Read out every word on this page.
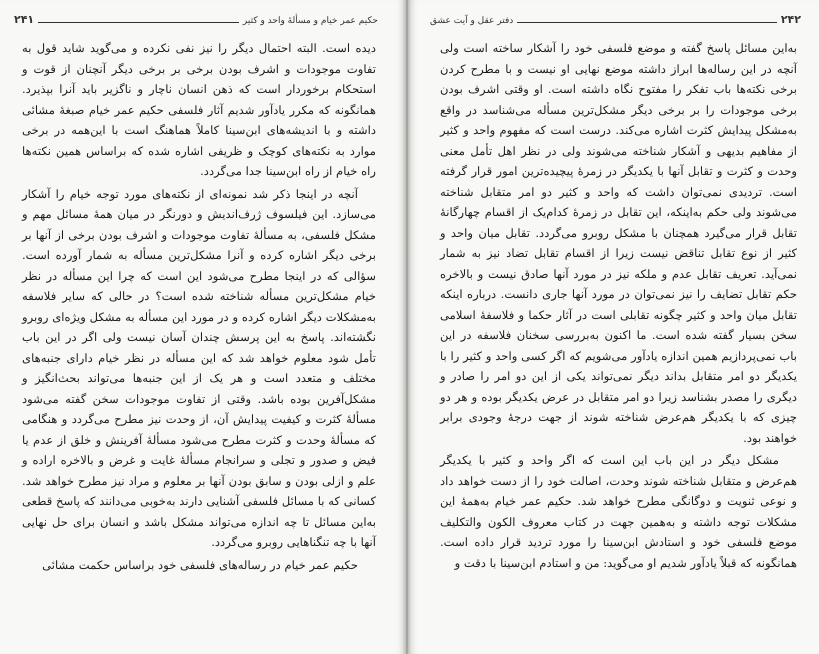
۲۴۱	حکیم عمر خیام و مسألهٔ واحد و کثیر

دیده است. البته احتمال دیگر را نیز نفی نکرده و می‌گوید شاید قول به تفاوت موجودات و اشرف بودن برخی بر برخی دیگر آنچنان از قوت و استحکام برخوردار است که ذهن انسان ناچار و ناگزیر باید آنرا بپذیرد. همانگونه که مکرر یادآور شدیم آثار فلسفی حکیم عمر خیام صبغهٔ مشائی داشته و با اندیشه‌های ابن‌سینا کاملاً هماهنگ است با این‌همه در برخی موارد به نکته‌های کوچک و ظریفی اشاره شده که براساس همین نکته‌ها راه خیام از راه ابن‌سینا جدا می‌گردد.

آنچه در اینجا ذکر شد نمونه‌ای از نکته‌های مورد توجه خیام را آشکار می‌سازد. این فیلسوف ژرف‌اندیش و دورنگر در میان همهٔ مسائل مهم و مشکل فلسفی، به مسألهٔ تفاوت موجودات و اشرف بودن برخی از آنها بر برخی دیگر اشاره کرده و آنرا مشکل‌ترین مسأله به شمار آورده است. سؤالی که در اینجا مطرح می‌شود این است که چرا این مسأله در نظر خیام مشکل‌ترین مسأله شناخته شده است؟ در حالی که سایر فلاسفه به‌مشکلات دیگر اشاره کرده و در مورد این مسأله به مشکل ویژه‌ای روبرو نگشته‌اند. پاسخ به این پرسش چندان آسان نیست ولی اگر در این باب تأمل شود معلوم خواهد شد که این مسأله در نظر خیام دارای جنبه‌های مختلف و متعدد است و هر یک از این جنبه‌ها می‌تواند بحث‌انگیز و مشکل‌آفرین بوده باشد. وقتی از تفاوت موجودات سخن گفته می‌شود مسألهٔ کثرت و کیفیت پیدایش آن، از وحدت نیز مطرح می‌گردد و هنگامی که مسألهٔ وحدت و کثرت مطرح می‌شود مسألهٔ آفرینش و خلق از عدم یا فیض و صدور و تجلی و سرانجام مسألهٔ غایت و غرض و بالاخره اراده و علم و ازلی بودن و سابق بودن آنها بر معلوم و مراد نیز مطرح خواهد شد. کسانی که با مسائل فلسفی آشنایی دارند به‌خوبی می‌دانند که پاسخ قطعی به‌این مسائل تا چه اندازه می‌تواند مشکل باشد و انسان برای حل نهایی آنها با چه تنگناهایی روبرو می‌گردد.

حکیم عمر خیام در رساله‌های فلسفی خود براساس حکمت مشائی

دفتر عقل و آیت عشق	۲۴۲

به‌این مسائل پاسخ گفته و موضع فلسفی خود را آشکار ساخته است ولی آنچه در این رساله‌ها ابراز داشته موضع نهایی او نیست و با مطرح کردن برخی نکته‌ها باب تفکر را مفتوح نگاه داشته است. او وقتی اشرف بودن برخی موجودات را بر برخی دیگر مشکل‌ترین مسأله می‌شناسد در واقع به‌مشکل پیدایش کثرت اشاره می‌کند. درست است که مفهوم واحد و کثیر از مفاهیم بدیهی و آشکار شناخته می‌شوند ولی در نظر اهل تأمل معنی وحدت و کثرت و تقابل آنها با یکدیگر در زمرهٔ پیچیده‌ترین امور قرار گرفته است. تردیدی نمی‌توان داشت که واحد و کثیر دو امر متقابل شناخته می‌شوند ولی حکم به‌اینکه، این تقابل در زمرهٔ کدام‌یک از اقسام چهارگانهٔ تقابل قرار می‌گیرد همچنان با مشکل روبرو می‌گردد. تقابل میان واحد و کثیر از نوع تقابل تناقض نیست زیرا از اقسام تقابل تضاد نیز به شمار نمی‌آید. تعریف تقابل عدم و ملکه نیز در مورد آنها صادق نیست و بالاخره حکم تقابل تضایف را نیز نمی‌توان در مورد آنها جاری دانست. درباره اینکه تقابل میان واحد و کثیر چگونه تقابلی است در آثار حکما و فلاسفهٔ اسلامی سخن بسیار گفته شده است. ما اکنون به‌بررسی سخنان فلاسفه در این باب نمی‌پردازیم همین اندازه یادآور می‌شویم که اگر کسی واحد و کثیر را با یکدیگر دو امر متقابل بداند دیگر نمی‌تواند یکی از این دو امر را صادر و دیگری را مصدر بشناسد زیرا دو امر متقابل در عرض یکدیگر بوده و هر دو چیزی که با یکدیگر هم‌عرض شناخته شوند از جهت درجهٔ وجودی برابر خواهند بود.

مشکل دیگر در این باب این است که اگر واحد و کثیر با یکدیگر هم‌عرض و متقابل شناخته شوند وحدت، اصالت خود را از دست خواهد داد و نوعی ثنویت و دوگانگی مطرح خواهد شد. حکیم عمر خیام به‌همهٔ این مشکلات توجه داشته و به‌همین جهت در کتاب معروف الکون والتکلیف موضع فلسفی خود و استادش ابن‌سینا را مورد تردید قرار داده است. همانگونه که قبلاً یادآور شدیم او می‌گوید: من و استادم ابن‌سینا با دقت و
